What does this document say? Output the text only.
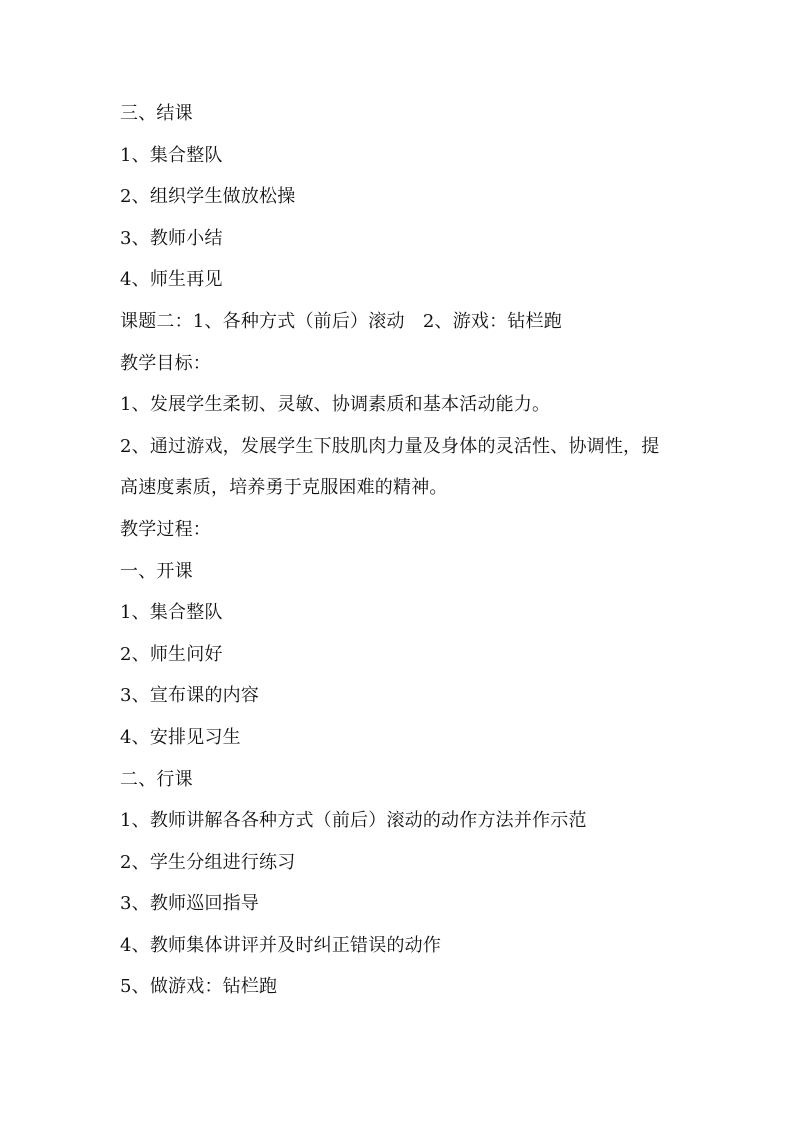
三、结课
1、集合整队
2、组织学生做放松操
3、教师小结
4、师生再见
课题二：1、各种方式（前后）滚动　2、游戏：钻栏跑
教学目标：
1、发展学生柔韧、灵敏、协调素质和基本活动能力。
2、通过游戏，发展学生下肢肌肉力量及身体的灵活性、协调性，提
高速度素质，培养勇于克服困难的精神。
教学过程：
一、开课
1、集合整队
2、师生问好
3、宣布课的内容
4、安排见习生
二、行课
1、教师讲解各各种方式（前后）滚动的动作方法并作示范
2、学生分组进行练习
3、教师巡回指导
4、教师集体讲评并及时纠正错误的动作
5、做游戏：钻栏跑
